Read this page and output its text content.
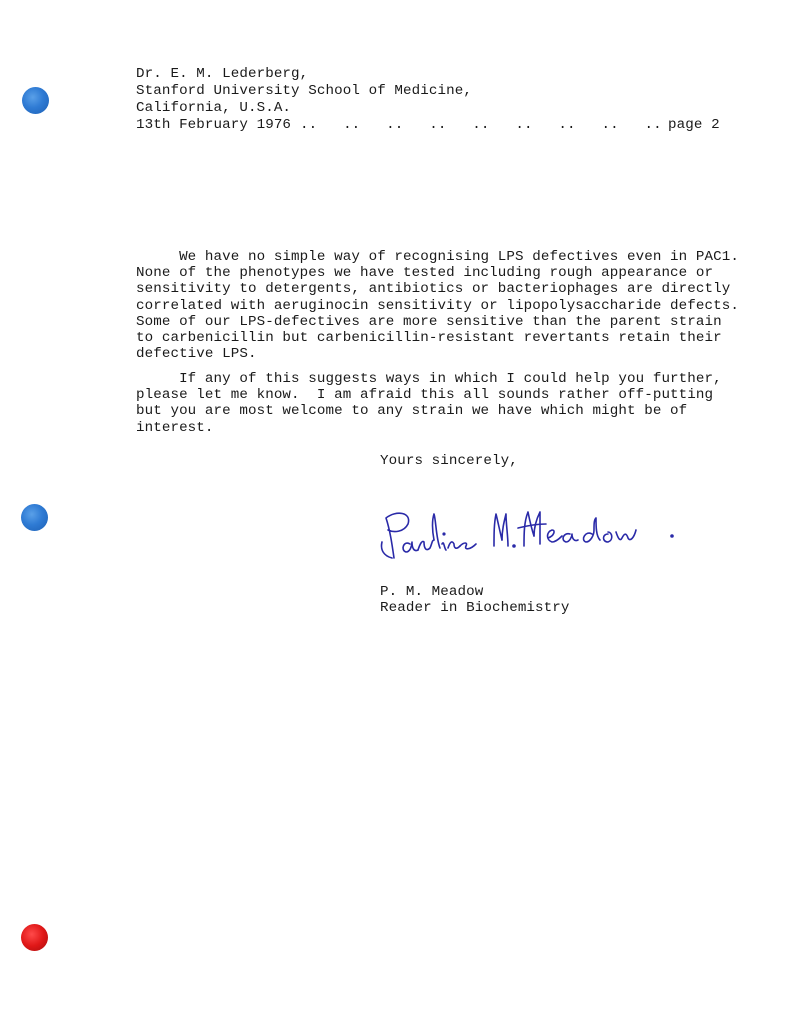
Dr. E. M. Lederberg,
Stanford University School of Medicine,
California, U.S.A.
13th February 1976 ..   ..   ..   ..   ..   ..   ..   ..   .. page 2
We have no simple way of recognising LPS defectives even in PAC1.
None of the phenotypes we have tested including rough appearance or
sensitivity to detergents, antibiotics or bacteriophages are directly
correlated with aeruginocin sensitivity or lipopolysaccharide defects.
Some of our LPS-defectives are more sensitive than the parent strain
to carbenicillin but carbenicillin-resistant revertants retain their
defective LPS.
If any of this suggests ways in which I could help you further,
please let me know.  I am afraid this all sounds rather off-putting
but you are most welcome to any strain we have which might be of
interest.
Yours sincerely,
P. M. Meadow
Reader in Biochemistry
